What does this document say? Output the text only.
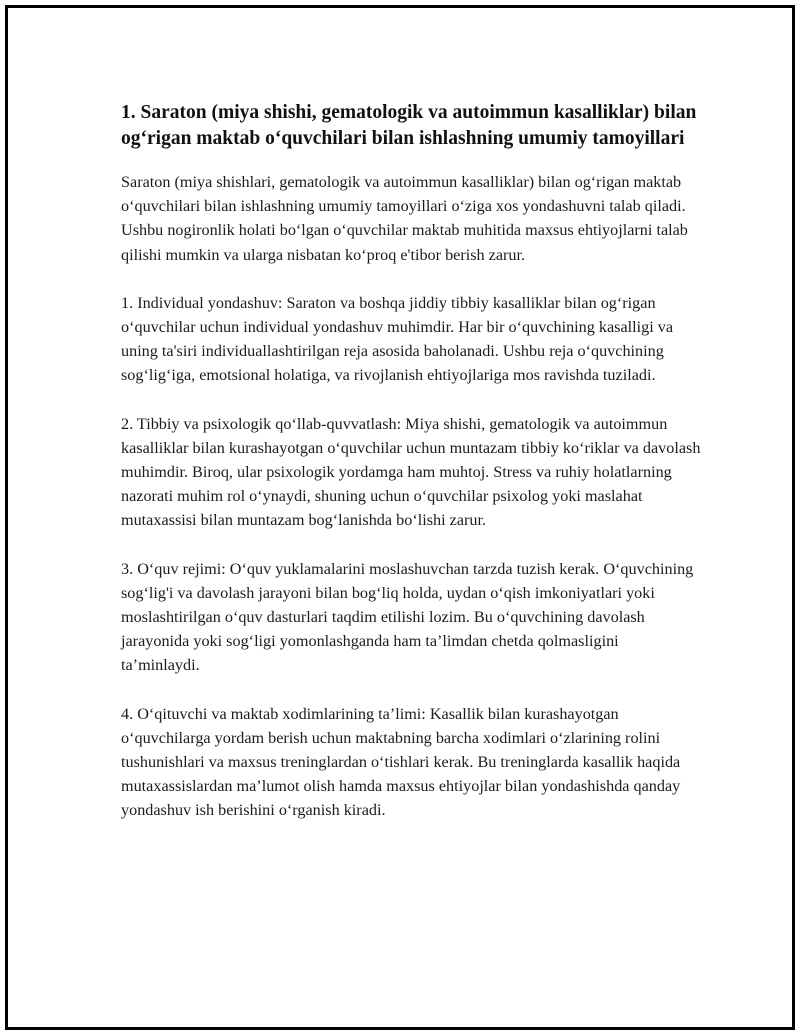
1. Saraton (miya shishi, gematologik va autoimmun kasalliklar) bilan og‘rigan maktab o‘quvchilari bilan ishlashning umumiy tamoyillari

Saraton (miya shishlari, gematologik va autoimmun kasalliklar) bilan og‘rigan maktab o‘quvchilari bilan ishlashning umumiy tamoyillari o‘ziga xos yondashuvni talab qiladi. Ushbu nogironlik holati bo‘lgan o‘quvchilar maktab muhitida maxsus ehtiyojlarni talab qilishi mumkin va ularga nisbatan ko‘proq e'tibor berish zarur.

1. Individual yondashuv: Saraton va boshqa jiddiy tibbiy kasalliklar bilan og‘rigan o‘quvchilar uchun individual yondashuv muhimdir. Har bir o‘quvchining kasalligi va uning ta'siri individuallashtirilgan reja asosida baholanadi. Ushbu reja o‘quvchining sog‘lig‘iga, emotsional holatiga, va rivojlanish ehtiyojlariga mos ravishda tuziladi.

2. Tibbiy va psixologik qo‘llab-quvvatlash: Miya shishi, gematologik va autoimmun kasalliklar bilan kurashayotgan o‘quvchilar uchun muntazam tibbiy ko‘riklar va davolash muhimdir. Biroq, ular psixologik yordamga ham muhtoj. Stress va ruhiy holatlarning nazorati muhim rol o‘ynaydi, shuning uchun o‘quvchilar psixolog yoki maslahat mutaxassisi bilan muntazam bog‘lanishda bo‘lishi zarur.

3. O‘quv rejimi: O‘quv yuklamalarini moslashuvchan tarzda tuzish kerak. O‘quvchining sog‘lig'i va davolash jarayoni bilan bog‘liq holda, uydan o‘qish imkoniyatlari yoki moslashtirilgan o‘quv dasturlari taqdim etilishi lozim. Bu o‘quvchining davolash jarayonida yoki sog‘ligi yomonlashganda ham ta’limdan chetda qolmasligini ta’minlaydi.

4. O‘qituvchi va maktab xodimlarining ta’limi: Kasallik bilan kurashayotgan o‘quvchilarga yordam berish uchun maktabning barcha xodimlari o‘zlarining rolini tushunishlari va maxsus treninglardan o‘tishlari kerak. Bu treninglarda kasallik haqida mutaxassislardan ma’lumot olish hamda maxsus ehtiyojlar bilan yondashishda qanday yondashuv ish berishini o‘rganish kiradi.
